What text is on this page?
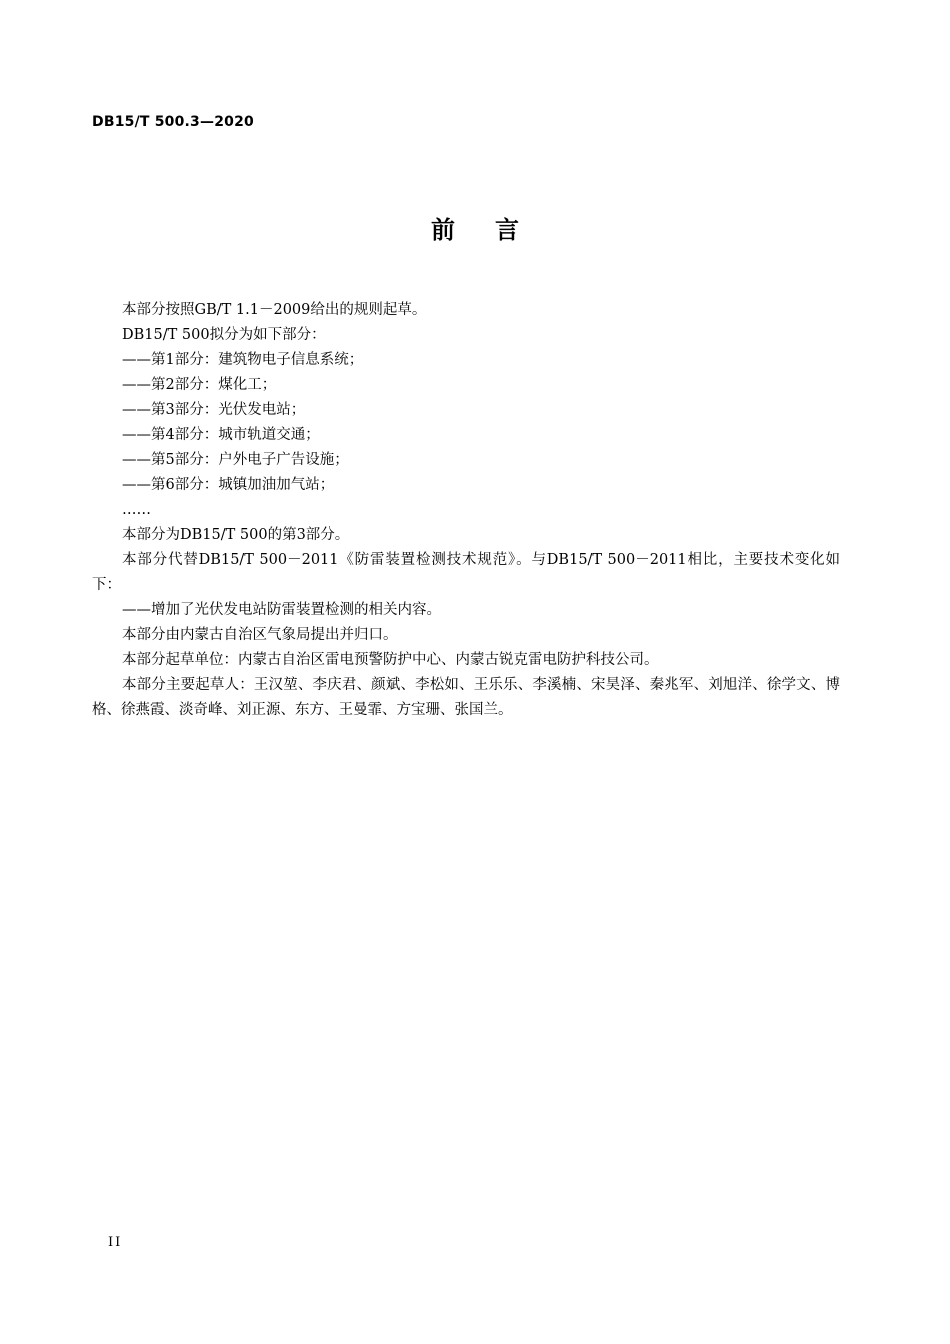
DB15/T 500.3—2020
前言

本部分按照GB/T 1.1－2009给出的规则起草。

DB15/T 500拟分为如下部分：

——第1部分：建筑物电子信息系统；

——第2部分：煤化工；

——第3部分：光伏发电站；

——第4部分：城市轨道交通；

——第5部分：户外电子广告设施；

——第6部分：城镇加油加气站；

……

本部分为DB15/T 500的第3部分。

本部分代替DB15/T 500－2011《防雷装置检测技术规范》。与DB15/T 500－2011相比，主要技术变化如下：

——增加了光伏发电站防雷装置检测的相关内容。

本部分由内蒙古自治区气象局提出并归口。

本部分起草单位：内蒙古自治区雷电预警防护中心、内蒙古锐克雷电防护科技公司。

本部分主要起草人：王汉堃、李庆君、颜斌、李松如、王乐乐、李溪楠、宋昊泽、秦兆军、刘旭洋、徐学文、博格、徐燕霞、淡奇峰、刘正源、东方、王曼霏、方宝珊、张国兰。

II
